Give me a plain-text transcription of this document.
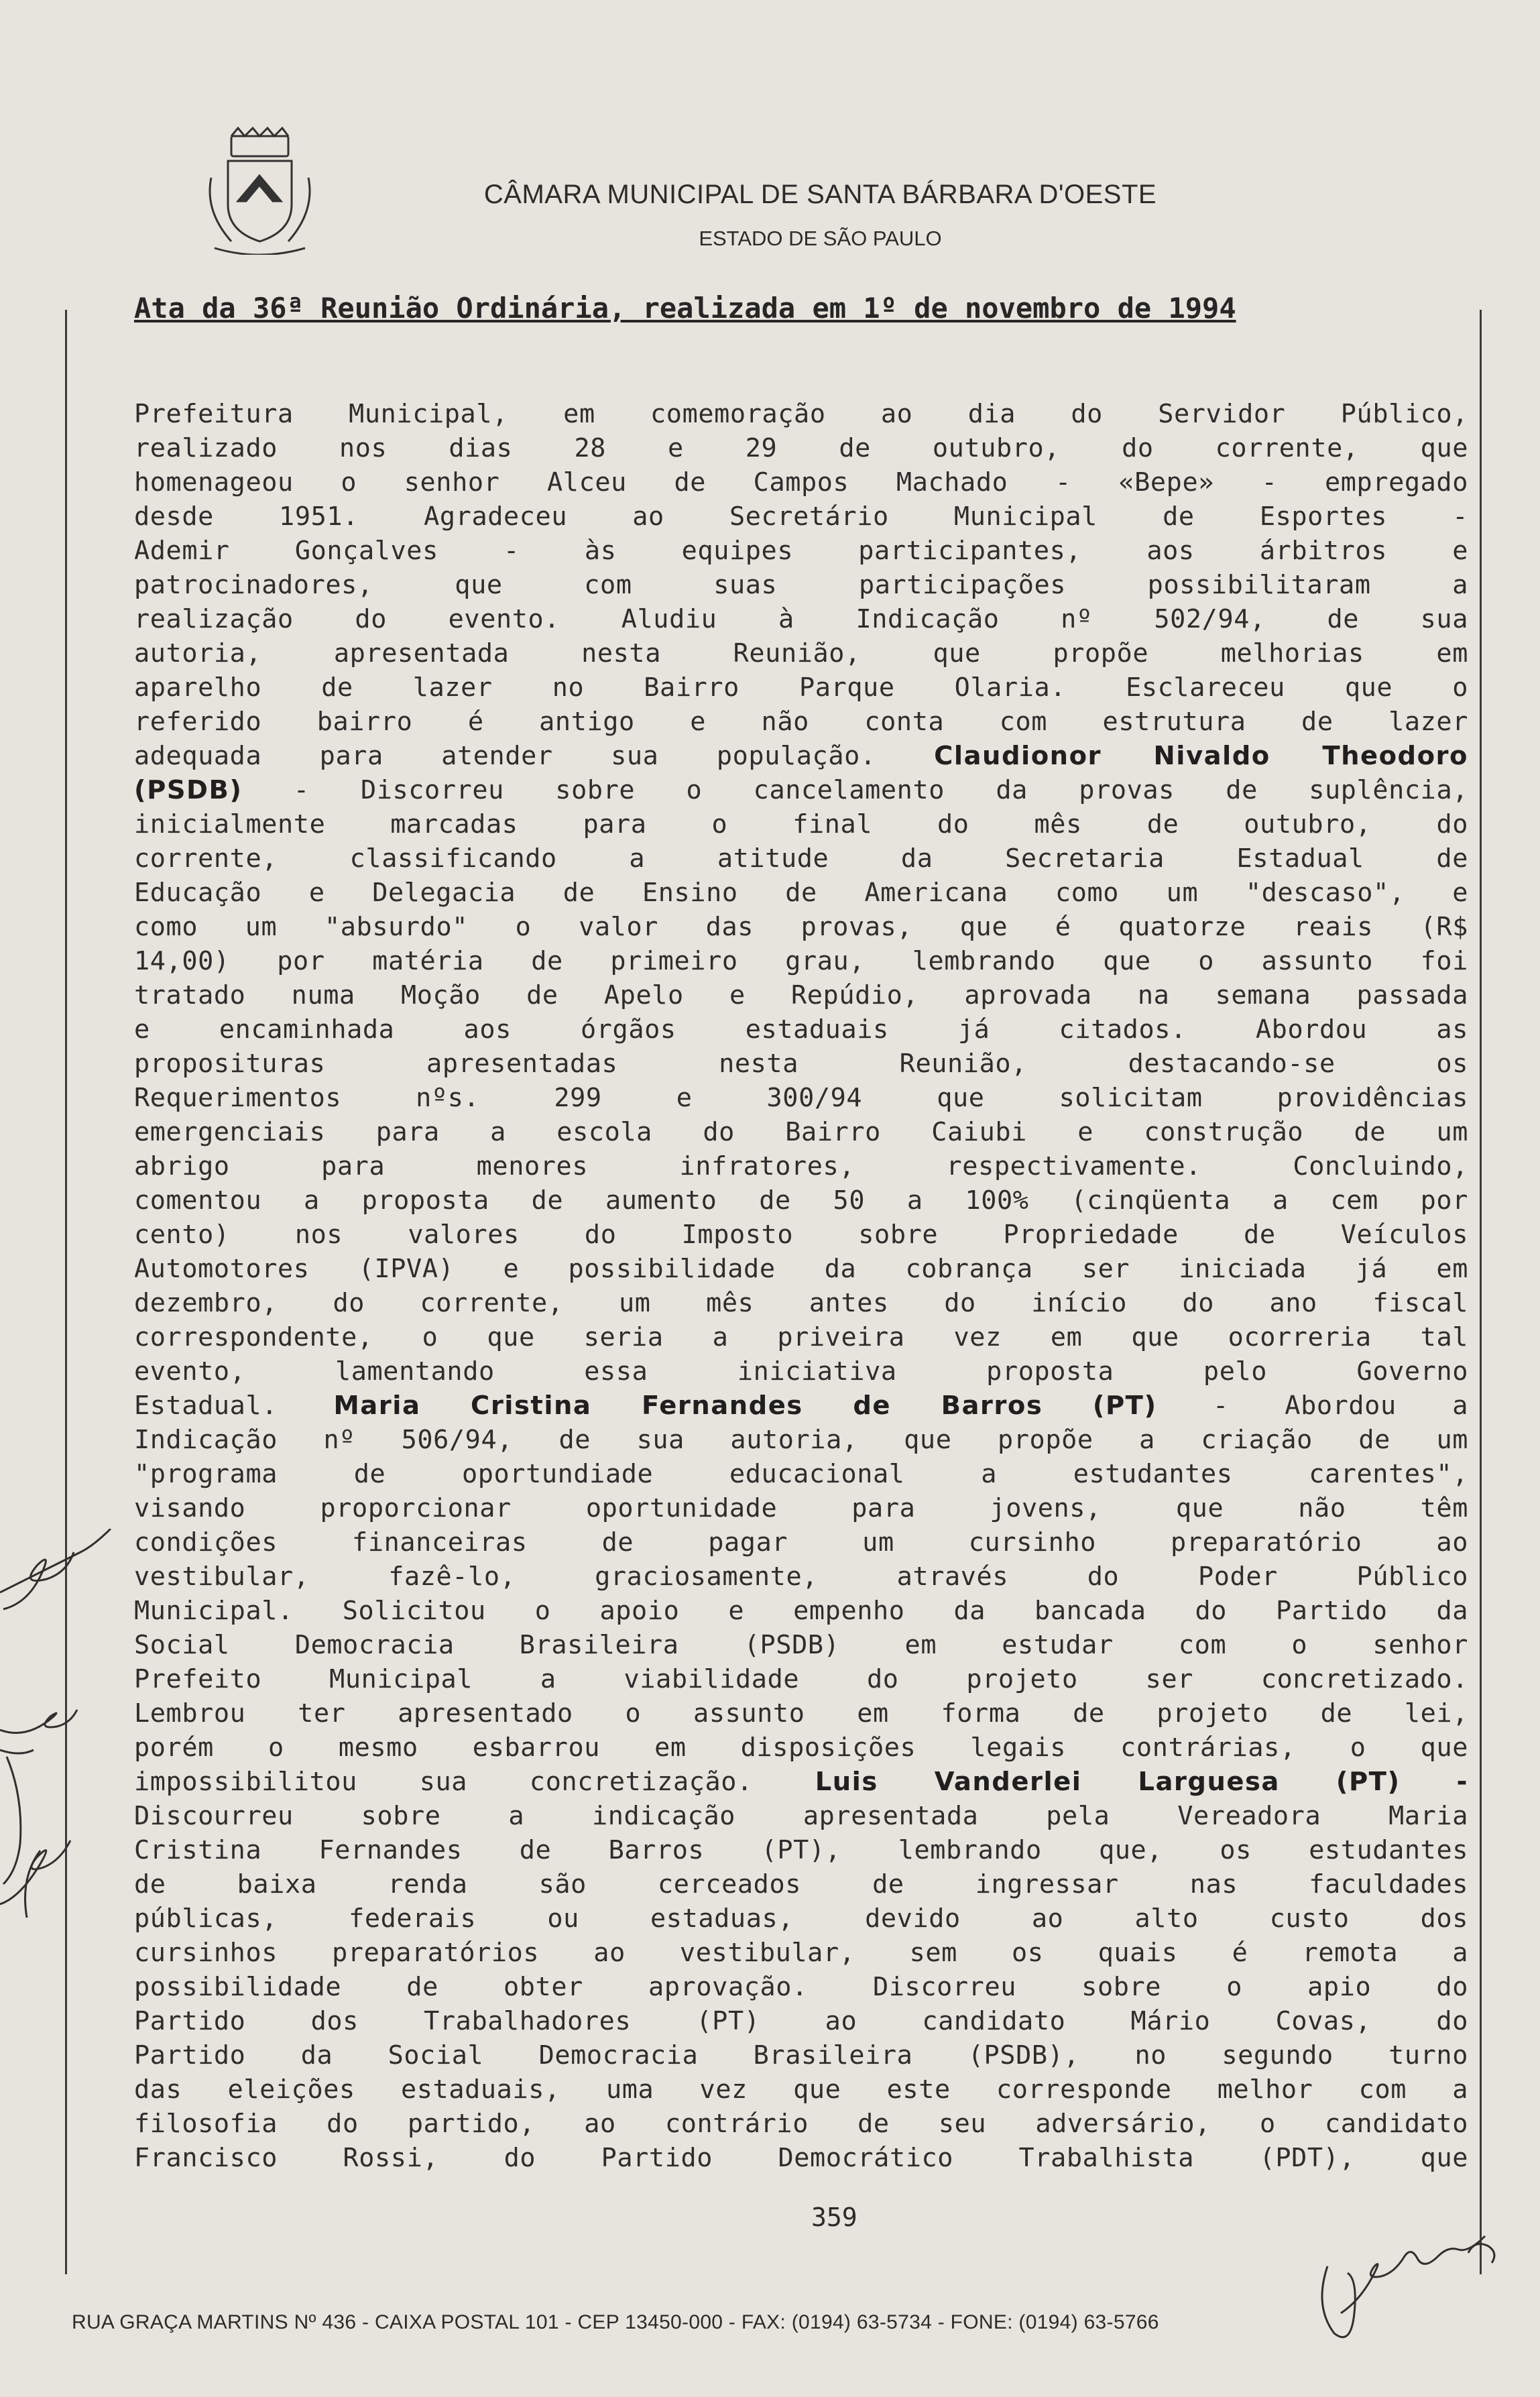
CÂMARA MUNICIPAL DE SANTA BÁRBARA D'OESTE
ESTADO DE SÃO PAULO
Ata da 36ª Reunião Ordinária, realizada em 1º de novembro de 1994
Prefeitura Municipal, em comemoração ao dia do Servidor Público,
realizado nos dias 28 e 29 de outubro, do corrente, que
homenageou o senhor Alceu de Campos Machado - «Bepe» - empregado
desde 1951. Agradeceu ao Secretário Municipal de Esportes -
Ademir Gonçalves - às equipes participantes, aos árbitros e
patrocinadores, que com suas participações possibilitaram a
realização do evento. Aludiu à Indicação nº 502/94, de sua
autoria, apresentada nesta Reunião, que propõe melhorias em
aparelho de lazer no Bairro Parque Olaria. Esclareceu que o
referido bairro é antigo e não conta com estrutura de lazer
adequada para atender sua população. Claudionor Nivaldo Theodoro
(PSDB) - Discorreu sobre o cancelamento da provas de suplência,
inicialmente marcadas para o final do mês de outubro, do
corrente, classificando a atitude da Secretaria Estadual de
Educação e Delegacia de Ensino de Americana como um "descaso", e
como um "absurdo" o valor das provas, que é quatorze reais (R$
14,00) por matéria de primeiro grau, lembrando que o assunto foi
tratado numa Moção de Apelo e Repúdio, aprovada na semana passada
e encaminhada aos órgãos estaduais já citados. Abordou as
proposituras apresentadas nesta Reunião, destacando-se os
Requerimentos nºs. 299 e 300/94 que solicitam providências
emergenciais para a escola do Bairro Caiubi e construção de um
abrigo para menores infratores, respectivamente. Concluindo,
comentou a proposta de aumento de 50 a 100% (cinqüenta a cem por
cento) nos valores do Imposto sobre Propriedade de Veículos
Automotores (IPVA) e possibilidade da cobrança ser iniciada já em
dezembro, do corrente, um mês antes do início do ano fiscal
correspondente, o que seria a priveira vez em que ocorreria tal
evento, lamentando essa iniciativa proposta pelo Governo
Estadual. Maria Cristina Fernandes de Barros (PT) - Abordou a
Indicação nº 506/94, de sua autoria, que propõe a criação de um
"programa de oportundiade educacional a estudantes carentes",
visando proporcionar oportunidade para jovens, que não têm
condições financeiras de pagar um cursinho preparatório ao
vestibular, fazê-lo, graciosamente, através do Poder Público
Municipal. Solicitou o apoio e empenho da bancada do Partido da
Social Democracia Brasileira (PSDB) em estudar com o senhor
Prefeito Municipal a viabilidade do projeto ser concretizado.
Lembrou ter apresentado o assunto em forma de projeto de lei,
porém o mesmo esbarrou em disposições legais contrárias, o que
impossibilitou sua concretização. Luis Vanderlei Larguesa (PT) -
Discourreu sobre a indicação apresentada pela Vereadora Maria
Cristina Fernandes de Barros (PT), lembrando que, os estudantes
de baixa renda são cerceados de ingressar nas faculdades
públicas, federais ou estaduas, devido ao alto custo dos
cursinhos preparatórios ao vestibular, sem os quais é remota a
possibilidade de obter aprovação. Discorreu sobre o apio do
Partido dos Trabalhadores (PT) ao candidato Mário Covas, do
Partido da Social Democracia Brasileira (PSDB), no segundo turno
das eleições estaduais, uma vez que este corresponde melhor com a
filosofia do partido, ao contrário de seu adversário, o candidato
Francisco Rossi, do Partido Democrático Trabalhista (PDT), que
359
RUA GRAÇA MARTINS Nº 436 - CAIXA POSTAL 101 - CEP 13450-000 - FAX: (0194) 63-5734 - FONE: (0194) 63-5766
